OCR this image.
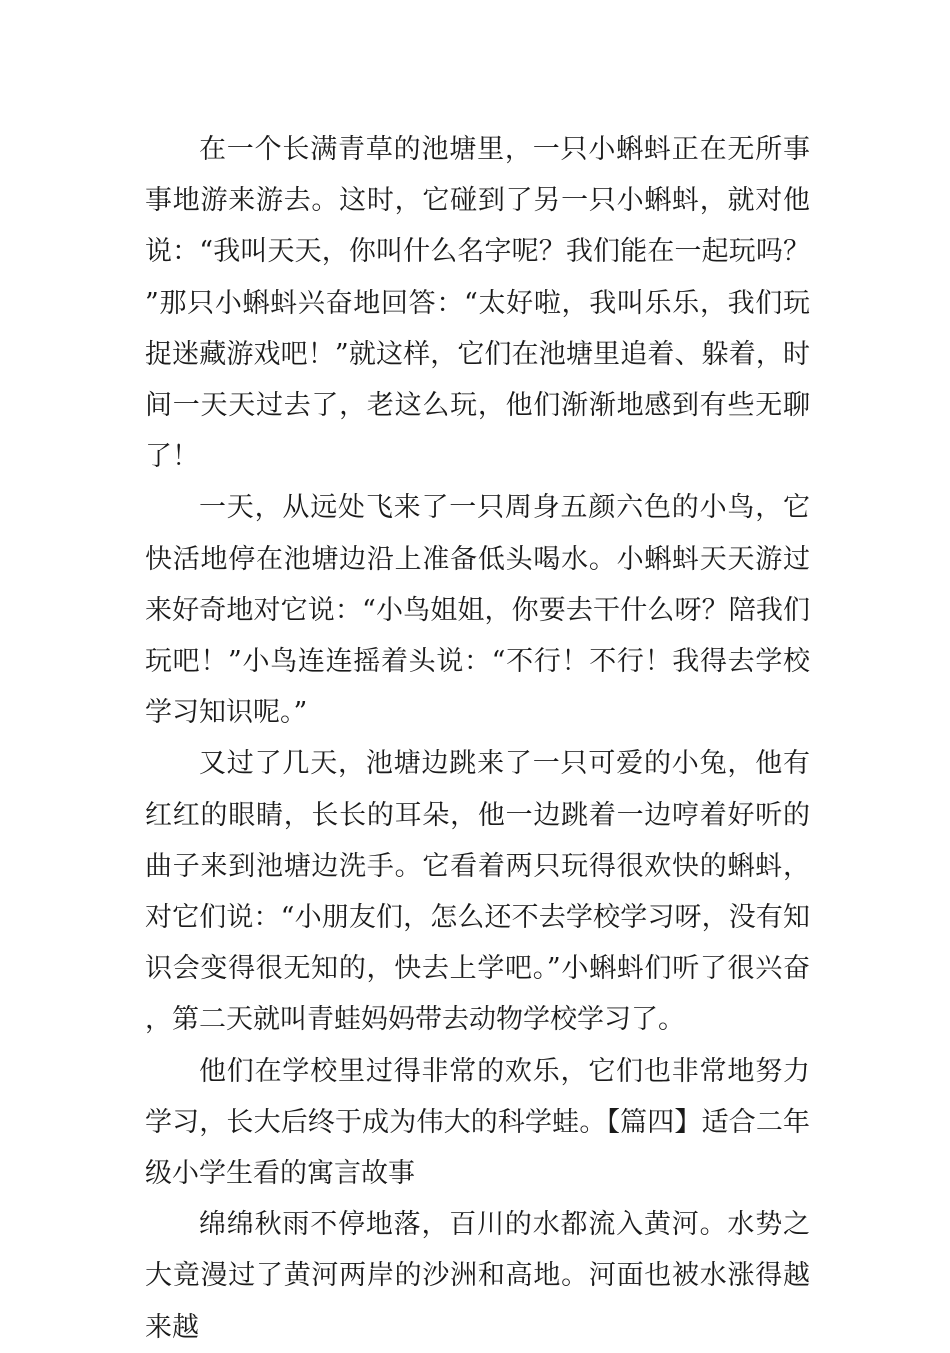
在一个长满青草的池塘里，一只小蝌蚪正在无所事事地游来游去。这时，它碰到了另一只小蝌蚪，就对他说：“我叫天天，你叫什么名字呢？我们能在一起玩吗？”那只小蝌蚪兴奋地回答：“太好啦，我叫乐乐，我们玩捉迷藏游戏吧！”就这样，它们在池塘里追着、躲着，时间一天天过去了，老这么玩，他们渐渐地感到有些无聊了！

一天，从远处飞来了一只周身五颜六色的小鸟，它快活地停在池塘边沿上准备低头喝水。小蝌蚪天天游过来好奇地对它说：“小鸟姐姐，你要去干什么呀？陪我们玩吧！”小鸟连连摇着头说：“不行！不行！我得去学校学习知识呢。”

又过了几天，池塘边跳来了一只可爱的小兔，他有红红的眼睛，长长的耳朵，他一边跳着一边哼着好听的曲子来到池塘边洗手。它看着两只玩得很欢快的蝌蚪，对它们说：“小朋友们，怎么还不去学校学习呀，没有知识会变得很无知的，快去上学吧。”小蝌蚪们听了很兴奋，第二天就叫青蛙妈妈带去动物学校学习了。

他们在学校里过得非常的欢乐，它们也非常地努力学习，长大后终于成为伟大的科学蛙。【篇四】适合二年级小学生看的寓言故事

绵绵秋雨不停地落，百川的水都流入黄河。水势之大竟漫过了黄河两岸的沙洲和高地。河面也被水涨得越来越
